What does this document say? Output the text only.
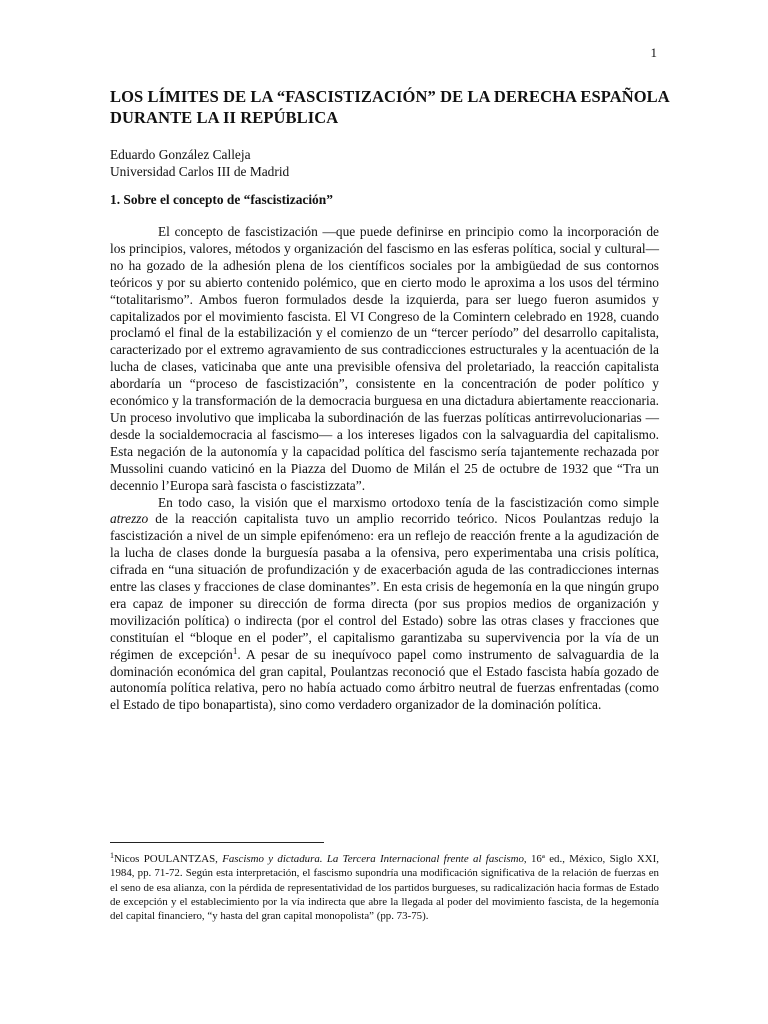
1
LOS LÍMITES DE LA “FASCISTIZACIÓN” DE LA DERECHA ESPAÑOLA DURANTE LA II REPÚBLICA
Eduardo González Calleja
Universidad Carlos III de Madrid
1. Sobre el concepto de “fascistización”

El concepto de fascistización —que puede definirse en principio como la incorporación de los principios, valores, métodos y organización del fascismo en las esferas política, social y cultural— no ha gozado de la adhesión plena de los científicos sociales por la ambigüedad de sus contornos teóricos y por su abierto contenido polémico, que en cierto modo le aproxima a los usos del término “totalitarismo”. Ambos fueron formulados desde la izquierda, para ser luego fueron asumidos y capitalizados por el movimiento fascista. El VI Congreso de la Comintern celebrado en 1928, cuando proclamó el final de la estabilización y el comienzo de un “tercer período” del desarrollo capitalista, caracterizado por el extremo agravamiento de sus contradicciones estructurales y la acentuación de la lucha de clases, vaticinaba que ante una previsible ofensiva del proletariado, la reacción capitalista abordaría un “proceso de fascistización”, consistente en la concentración de poder político y económico y la transformación de la democracia burguesa en una dictadura abiertamente reaccionaria. Un proceso involutivo que implicaba la subordinación de las fuerzas políticas antirrevolucionarias —desde la socialdemocracia al fascismo— a los intereses ligados con la salvaguardia del capitalismo. Esta negación de la autonomía y la capacidad política del fascismo sería tajantemente rechazada por Mussolini cuando vaticinó en la Piazza del Duomo de Milán el 25 de octubre de 1932 que “Tra un decennio l’Europa sarà fascista o fascistizzata”.

En todo caso, la visión que el marxismo ortodoxo tenía de la fascistización como simple atrezzo de la reacción capitalista tuvo un amplio recorrido teórico. Nicos Poulantzas redujo la fascistización a nivel de un simple epifenómeno: era un reflejo de reacción frente a la agudización de la lucha de clases donde la burguesía pasaba a la ofensiva, pero experimentaba una crisis política, cifrada en “una situación de profundización y de exacerbación aguda de las contradicciones internas entre las clases y fracciones de clase dominantes”. En esta crisis de hegemonía en la que ningún grupo era capaz de imponer su dirección de forma directa (por sus propios medios de organización y movilización política) o indirecta (por el control del Estado) sobre las otras clases y fracciones que constituían el “bloque en el poder”, el capitalismo garantizaba su supervivencia por la vía de un régimen de excepción$^1$. A pesar de su inequívoco papel como instrumento de salvaguardia de la dominación económica del gran capital, Poulantzas reconoció que el Estado fascista había gozado de autonomía política relativa, pero no había actuado como árbitro neutral de fuerzas enfrentadas (como el Estado de tipo bonapartista), sino como verdadero organizador de la dominación política.

$^1$Nicos POULANTZAS, Fascismo y dictadura. La Tercera Internacional frente al fascismo, 16ª ed., México, Siglo XXI, 1984, pp. 71-72. Según esta interpretación, el fascismo supondría una modificación significativa de la relación de fuerzas en el seno de esa alianza, con la pérdida de representatividad de los partidos burgueses, su radicalización hacia formas de Estado de excepción y el establecimiento por la vía indirecta que abre la llegada al poder del movimiento fascista, de la hegemonía del capital financiero, “y hasta del gran capital monopolista” (pp. 73-75).
